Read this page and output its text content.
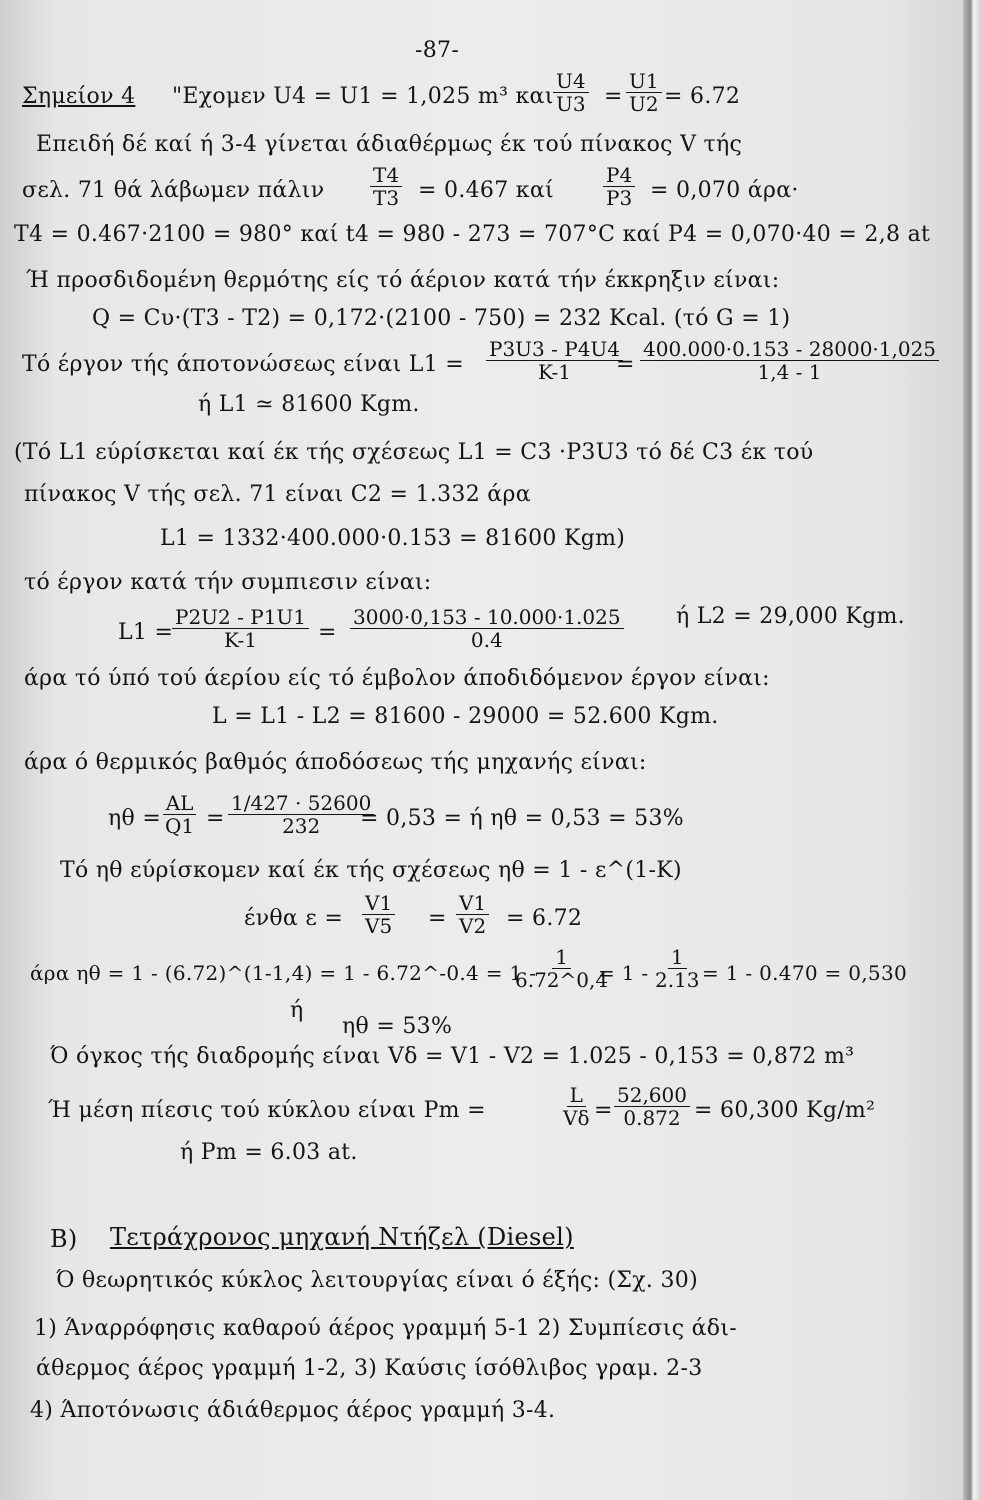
-87-
Σημείον 4 "Εχομεν U4 = U1 = 1,025 m³ και $\frac{U4}{U3} = \frac{U1}{U2} = 6.72$
Επειδή δέ καί ή 3-4 γίνεται άδιαθέρμως έκ τού πίνακος V τής
σελ. 71 θά λάβωμεν πάλιν $\frac{T4}{T3} = 0.467$ καί $\frac{P4}{P3} = 0,070$ άρα·
T4 = 0.467·2100 = 980° καί t4 = 980 - 273 = 707°C καί P4 = 0,070·40 = 2,8 at
Ή προσδιδομένη θερμότης είς τό άέριον κατά τήν έκκρηξιν είναι:
Q = Cυ·(T3 - T2) = 0,172·(2100 - 750) = 232 Kcal. (τό G = 1)
Τό έργον τής άποτονώσεως είναι $L1 = \frac{P3U3 - P4U4}{K-1}$
= $\frac{400.000\cdot 0.153 - 28000\cdot 1,025}{1,4 - 1}$
ή L1 ≃ 81600 Kgm.
(Τό L1 εύρίσκεται καί έκ τής σχέσεως L1 = C3 ·P3U3 τό δέ C3 έκ τού
πίνακος V τής σελ. 71 είναι C2 = 1.332 άρα
L1 = 1332·400.000·0.153 = 81600 Kgm)
τό έργον κατά τήν συμπιεσιν είναι:
L1 =
$\frac{P2U2 - P1U1}{K-1} = \frac{3000\cdot 0,153 - 10.000\cdot 1.025}{0.4}$ ή L2 = 29,000 Kgm.
άρα τό ύπό τού άερίου είς τό έμβολον άποδιδόμενον έργον είναι:
L = L1 - L2 = 81600 - 29000 = 52.600 Kgm.
άρα ό θερμικός βαθμός άποδόσεως τής μηχανής είναι:
$\eta\theta = \frac{AL}{Q1} = \frac{1/427 \cdot 52600}{232}$
= 0,53 = ή ηθ = 0,53 = 53%
Τό ηθ εύρίσκομεν καί έκ τής σχέσεως ηθ = 1 - ε^(1-K)
ένθα $\varepsilon = \frac{V1}{V5} = \frac{V1}{V2} = 6.72$
άρα ηθ = 1 - (6.72)^(1-1,4) = 1 - 6.72^-0.4 = 1 -
$\frac{1}{6.72\^{}0,4}$
= $1 - \frac{1}{2.13} = 1 - 0.470 = 0,530$
ή
ηθ = 53%
Ό όγκος τής διαδρομής είναι Vδ = V1 - V2 = 1.025 - 0,153 = 0,872 m³
Ή μέση πίεσις τού κύκλου είναι Pm =	$\frac{L}{V\delta} = \frac{52,600}{0.872} = 60,300$ Kg/m²
ή Pm = 6.03 at.
B) Τετράχρονος μηχανή Ντήζελ (Diesel)
Ό θεωρητικός κύκλος λειτουργίας είναι ό έξής: (Σχ. 30)
1) Άναρρόφησις καθαρού άέρος γραμμή 5-1 2) Συμπίεσις άδι-
άθερμος άέρος γραμμή 1-2, 3) Καύσις ίσόθλιβος γραμ. 2-3
4) Άποτόνωσις άδιάθερμος άέρος γραμμή 3-4.
